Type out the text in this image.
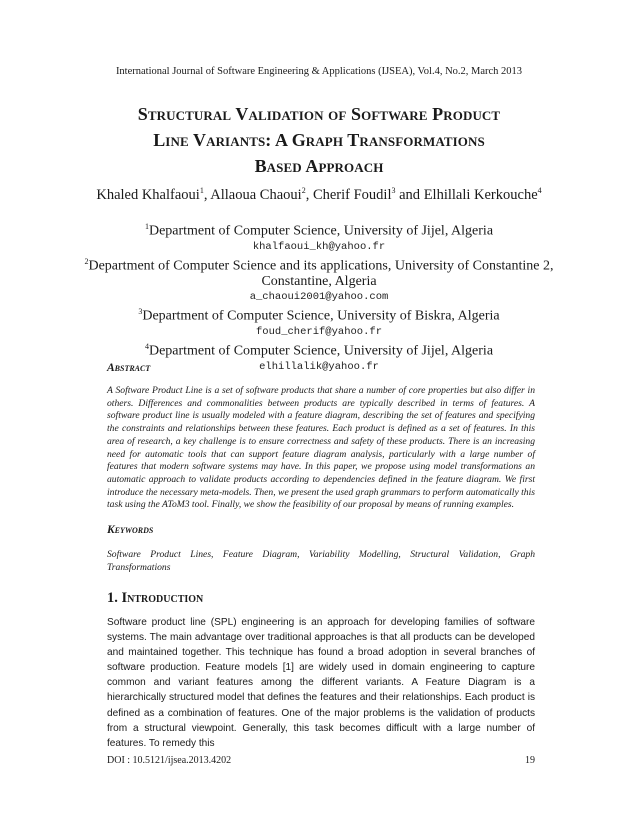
International Journal of Software Engineering & Applications (IJSEA), Vol.4, No.2, March 2013
Structural Validation of Software Product
Line Variants: A Graph Transformations
Based Approach
Khaled Khalfaoui$^1$, Allaoua Chaoui$^2$, Cherif Foudil$^3$ and Elhillali Kerkouche$^4$
$^1$Department of Computer Science, University of Jijel, Algeria
khalfaoui_kh@yahoo.fr
$^2$Department of Computer Science and its applications, University of Constantine 2,
Constantine, Algeria
a_chaoui2001@yahoo.com
$^3$Department of Computer Science, University of Biskra, Algeria
foud_cherif@yahoo.fr
$^4$Department of Computer Science, University of Jijel, Algeria
elhillalik@yahoo.fr
Abstract
A Software Product Line is a set of software products that share a number of core properties but also differ in others. Differences and commonalities between products are typically described in terms of features. A software product line is usually modeled with a feature diagram, describing the set of features and specifying the constraints and relationships between these features. Each product is defined as a set of features. In this area of research, a key challenge is to ensure correctness and safety of these products. There is an increasing need for automatic tools that can support feature diagram analysis, particularly with a large number of features that modern software systems may have. In this paper, we propose using model transformations an automatic approach to validate products according to dependencies defined in the feature diagram. We first introduce the necessary meta-models. Then, we present the used graph grammars to perform automatically this task using the AToM3 tool. Finally, we show the feasibility of our proposal by means of running examples.
Keywords
Software Product Lines, Feature Diagram, Variability Modelling, Structural Validation, Graph Transformations
1. Introduction
Software product line (SPL) engineering is an approach for developing families of software systems. The main advantage over traditional approaches is that all products can be developed and maintained together. This technique has found a broad adoption in several branches of software production. Feature models [1] are widely used in domain engineering to capture common and variant features among the different variants. A Feature Diagram is a hierarchically structured model that defines the features and their relationships. Each product is defined as a combination of features. One of the major problems is the validation of products from a structural viewpoint. Generally, this task becomes difficult with a large number of features. To remedy this
DOI : 10.5121/ijsea.2013.4202	19
